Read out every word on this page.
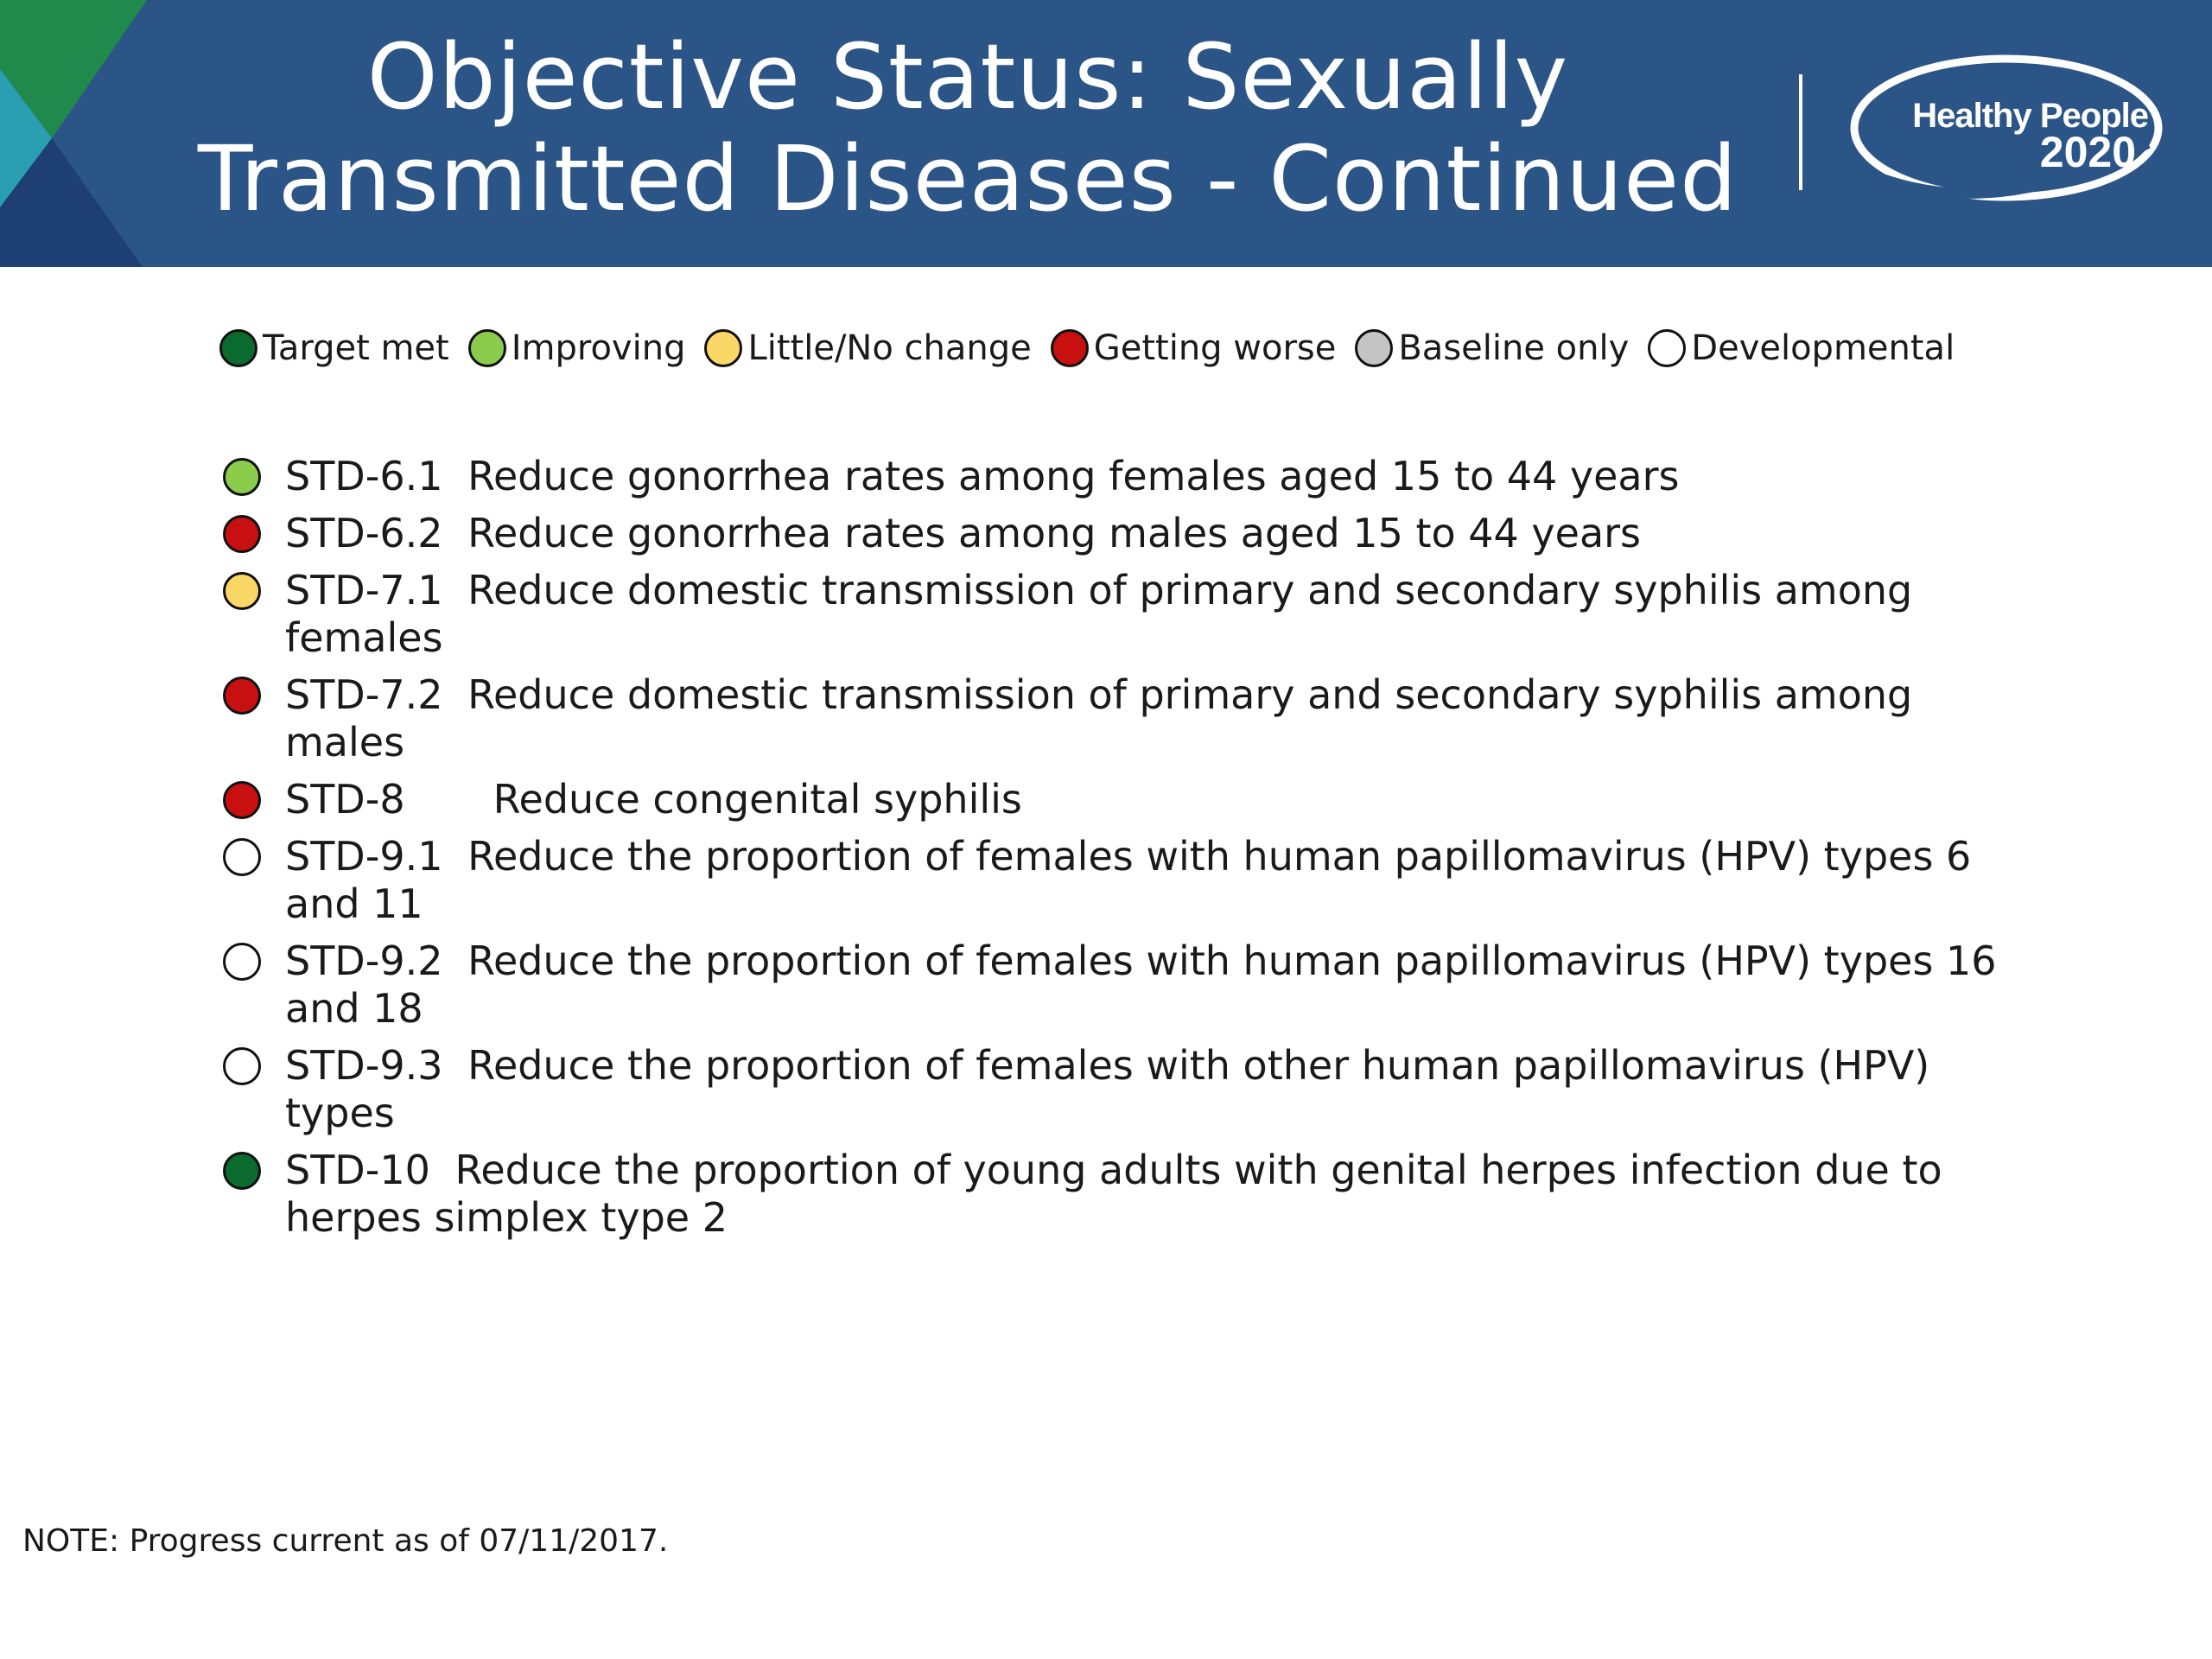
Objective Status: Sexually
Transmitted Diseases - Continued
Healthy People
2020
Target met Improving Little/No change Getting worse Baseline only Developmental
STD-6.1 Reduce gonorrhea rates among females aged 15 to 44 years
STD-6.2 Reduce gonorrhea rates among males aged 15 to 44 years
STD-7.1 Reduce domestic transmission of primary and secondary syphilis among females
STD-7.2 Reduce domestic transmission of primary and secondary syphilis among males
STD-8 Reduce congenital syphilis
STD-9.1 Reduce the proportion of females with human papillomavirus (HPV) types 6 and 11
STD-9.2 Reduce the proportion of females with human papillomavirus (HPV) types 16 and 18
STD-9.3 Reduce the proportion of females with other human papillomavirus (HPV) types
STD-10 Reduce the proportion of young adults with genital herpes infection due to herpes simplex type 2
NOTE: Progress current as of 07/11/2017.
